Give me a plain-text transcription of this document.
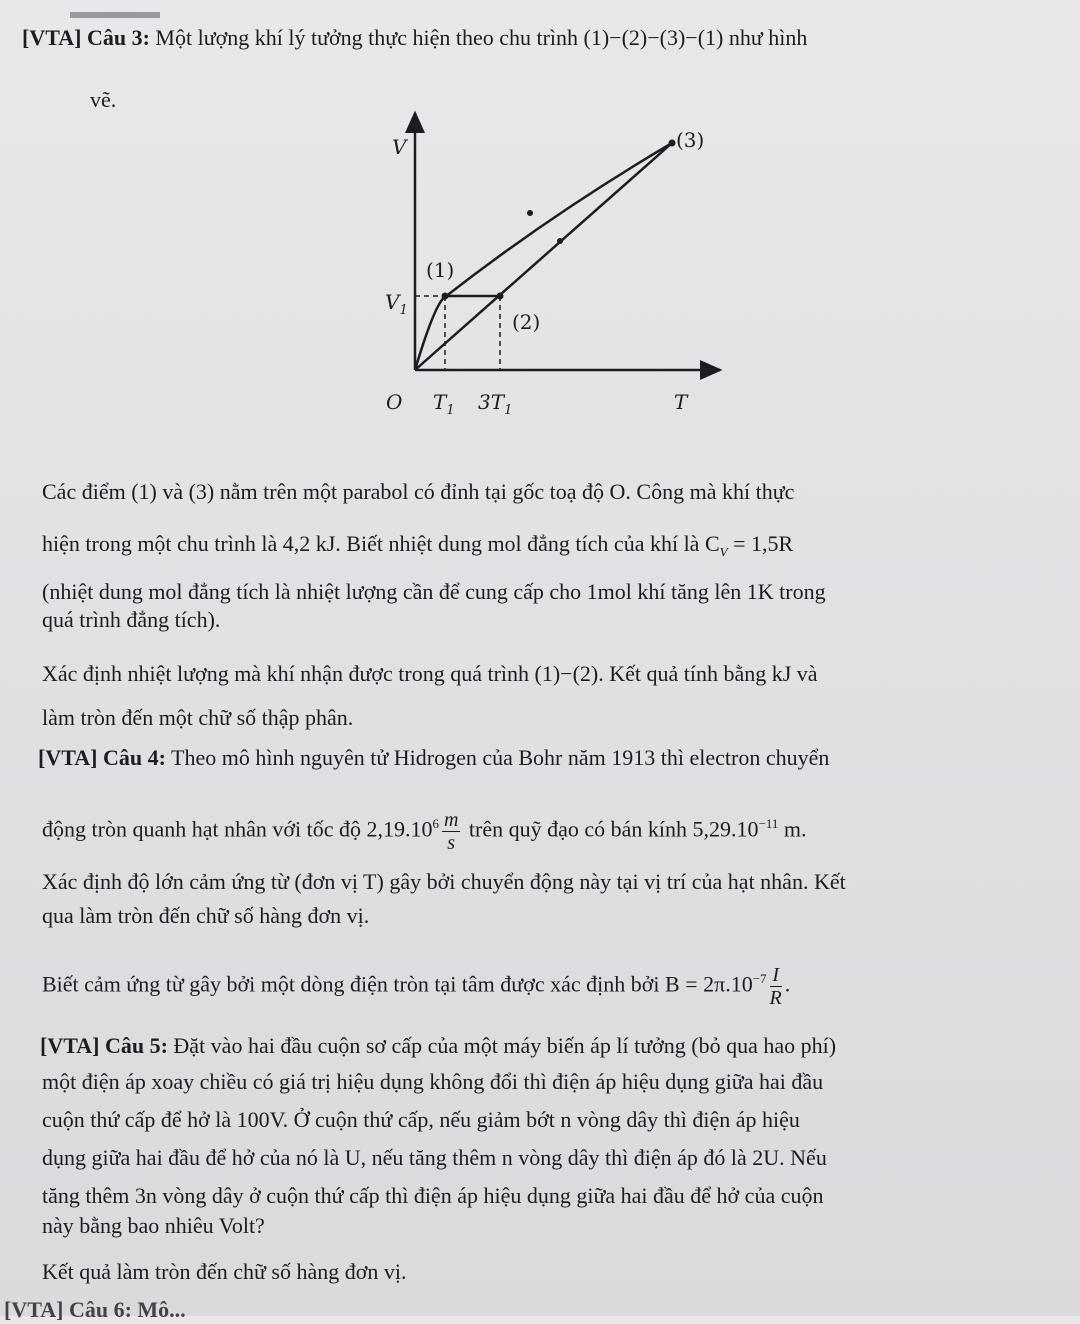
[VTA] Câu 3: Một lượng khí lý tưởng thực hiện theo chu trình (1)−(2)−(3)−(1) như hình
vẽ.
V	(3)
(1)
$V_1$	(2)
O $T_1$ $3T_1$	T
Các điểm (1) và (3) nằm trên một parabol có đỉnh tại gốc toạ độ O. Công mà khí thực
hiện trong một chu trình là 4,2 kJ. Biết nhiệt dung mol đẳng tích của khí là $C_V = 1,5R$
(nhiệt dung mol đẳng tích là nhiệt lượng cần để cung cấp cho 1mol khí tăng lên 1K trong
quá trình đẳng tích).
Xác định nhiệt lượng mà khí nhận được trong quá trình (1)−(2). Kết quả tính bằng kJ và
làm tròn đến một chữ số thập phân.
[VTA] Câu 4: Theo mô hình nguyên tử Hidrogen của Bohr năm 1913 thì electron chuyển
động tròn quanh hạt nhân với tốc độ $2,19.10^6 \frac{m}{s}$ trên quỹ đạo có bán kính $5,29.10^{-11}$ m.
Xác định độ lớn cảm ứng từ (đơn vị T) gây bởi chuyển động này tại vị trí của hạt nhân. Kết
qua làm tròn đến chữ số hàng đơn vị.
Biết cảm ứng từ gây bởi một dòng điện tròn tại tâm được xác định bởi $B = 2\pi.10^{-7} \frac{I}{R}$ .
[VTA] Câu 5: Đặt vào hai đầu cuộn sơ cấp của một máy biến áp lí tưởng (bỏ qua hao phí)
một điện áp xoay chiều có giá trị hiệu dụng không đổi thì điện áp hiệu dụng giữa hai đầu
cuộn thứ cấp để hở là 100V. Ở cuộn thứ cấp, nếu giảm bớt n vòng dây thì điện áp hiệu
dụng giữa hai đầu để hở của nó là U, nếu tăng thêm n vòng dây thì điện áp đó là 2U. Nếu
tăng thêm 3n vòng dây ở cuộn thứ cấp thì điện áp hiệu dụng giữa hai đầu để hở của cuộn
này bằng bao nhiêu Volt?
Kết quả làm tròn đến chữ số hàng đơn vị.
[VTA] Câu 6: Mô...
